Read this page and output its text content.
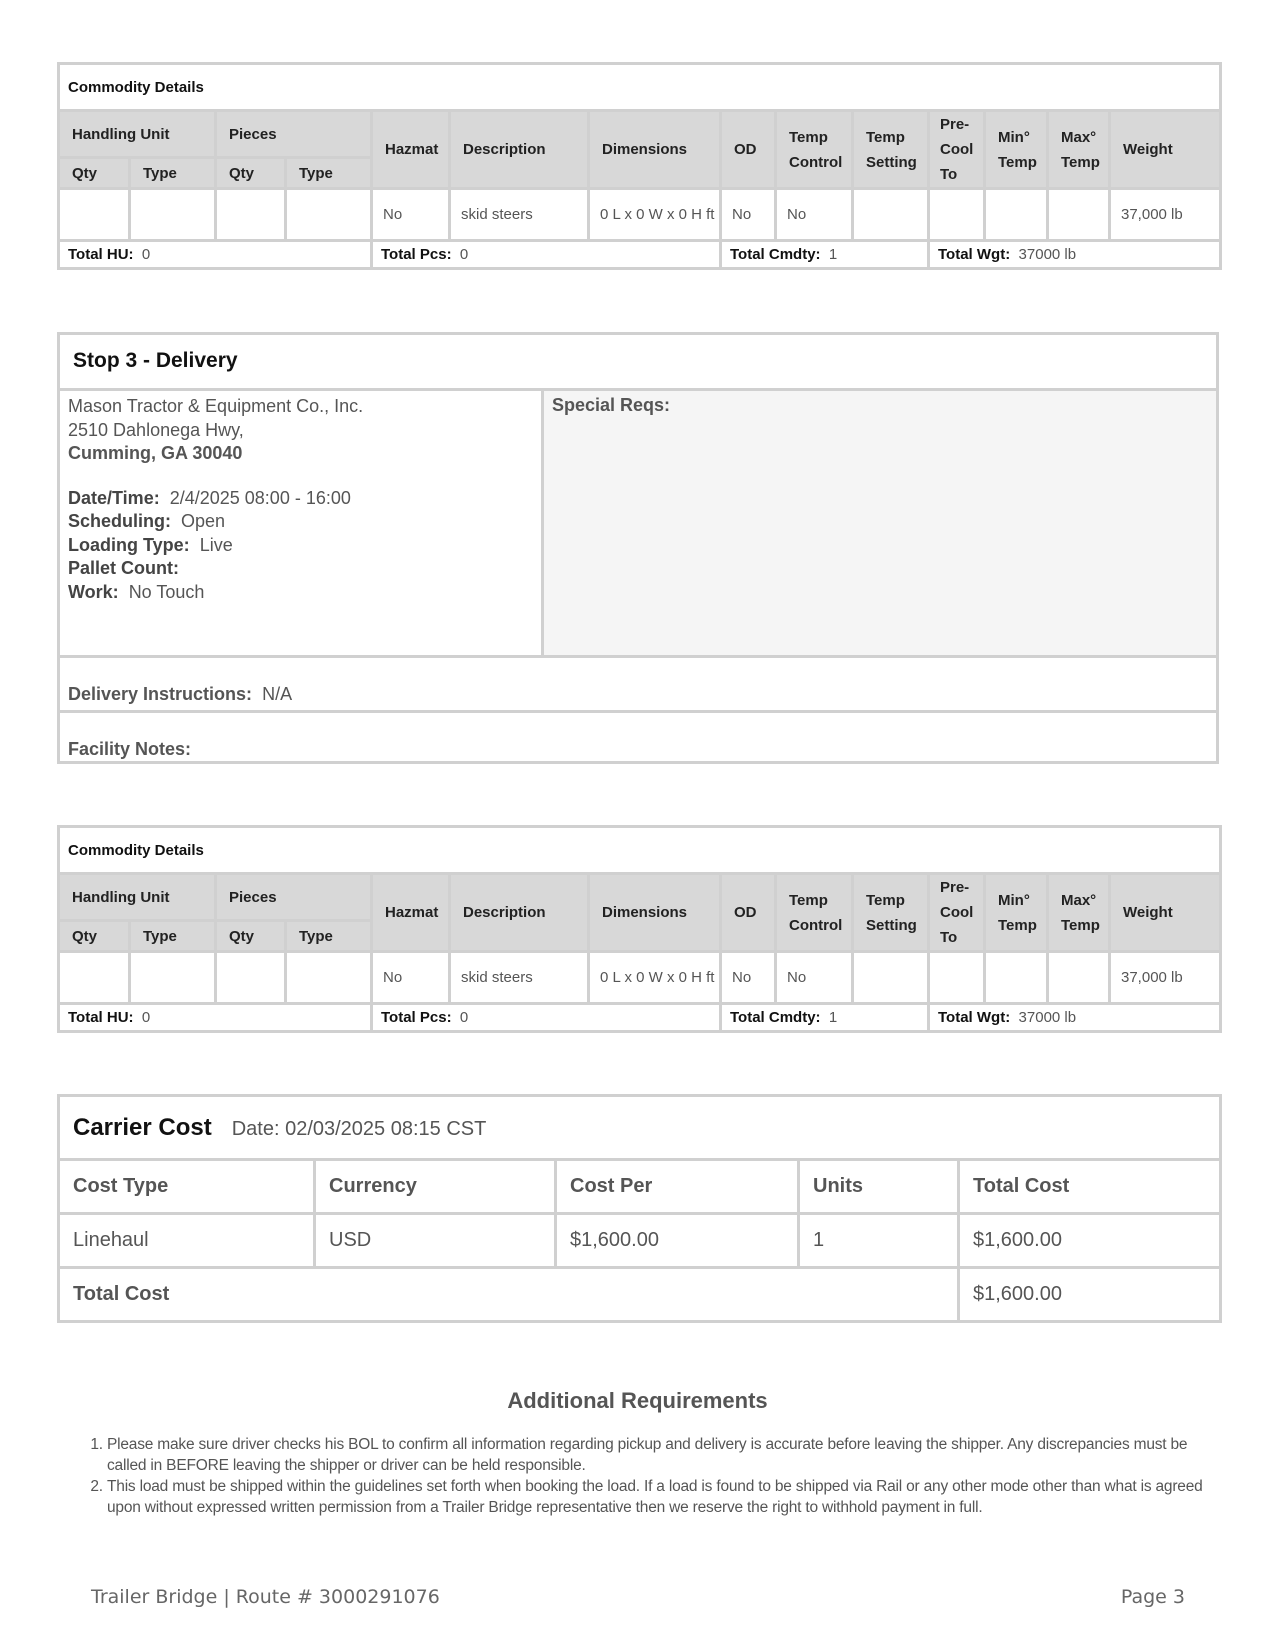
Commodity Details													
Handling Unit		Pieces		Hazmat	Description	Dimensions	OD	Temp Control	Temp Setting	Pre-Cool To	Min° Temp	Max° Temp	Weight
Qty	Type	Qty	Type										
				No	skid steers	0 L x 0 W x 0 H ft	No	No					37,000 lb
Total HU: 0				Total Pcs: 0			Total Cmdty: 1			Total Wgt: 37000 lb			
Stop 3 - Delivery
Mason Tractor & Equipment Co., Inc.
2510 Dahlonega Hwy,
Cumming, GA 30040
Date/Time: 2/4/2025 08:00 - 16:00
Scheduling: Open
Loading Type: Live
Pallet Count:
Work: No Touch
Special Reqs:
Delivery Instructions: N/A
Facility Notes:
Commodity Details													
Handling Unit		Pieces		Hazmat	Description	Dimensions	OD	Temp Control	Temp Setting	Pre-Cool To	Min° Temp	Max° Temp	Weight
Qty	Type	Qty	Type										
				No	skid steers	0 L x 0 W x 0 H ft	No	No					37,000 lb
Total HU: 0				Total Pcs: 0			Total Cmdty: 1			Total Wgt: 37000 lb			
Carrier Cost Date: 02/03/2025 08:15 CST				
Cost Type	Currency	Cost Per	Units	Total Cost
Linehaul	USD	$1,600.00	1	$1,600.00
Total Cost				$1,600.00
Additional Requirements
1. Please make sure driver checks his BOL to confirm all information regarding pickup and delivery is accurate before leaving the shipper. Any discrepancies must be called in BEFORE leaving the shipper or driver can be held responsible.
2. This load must be shipped within the guidelines set forth when booking the load. If a load is found to be shipped via Rail or any other mode other than what is agreed upon without expressed written permission from a Trailer Bridge representative then we reserve the right to withhold payment in full.
Trailer Bridge | Route # 3000291076	Page 3
